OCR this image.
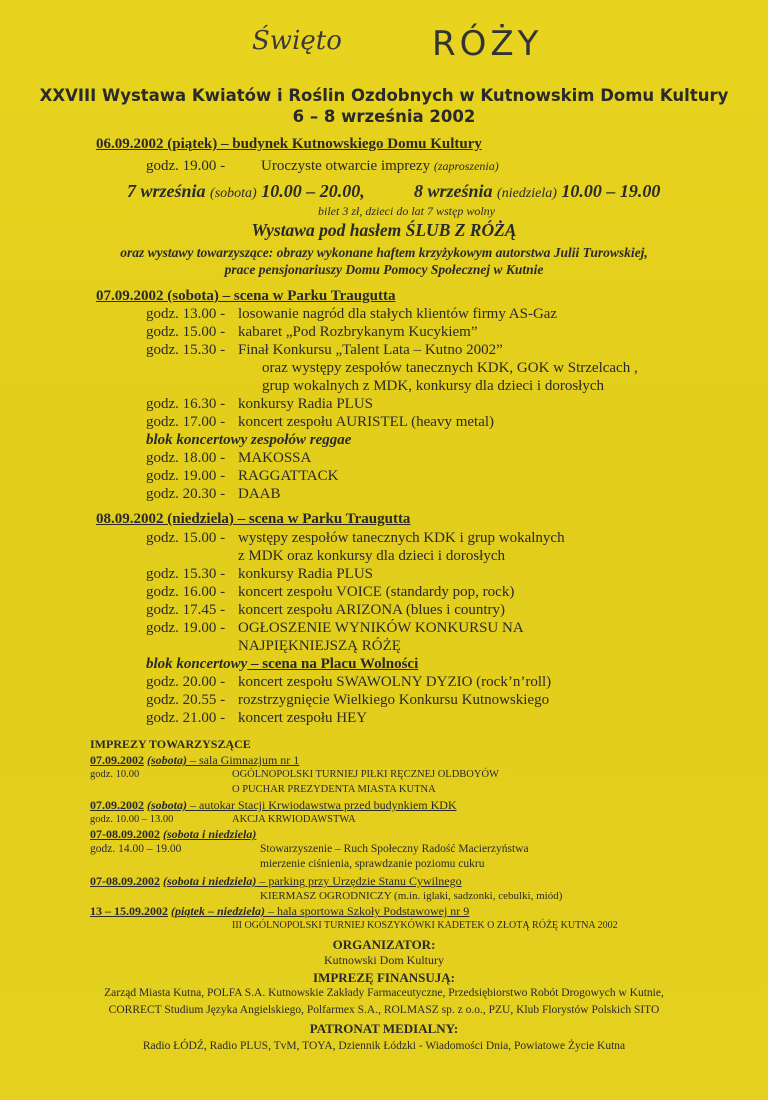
Święto	RÓŻY
XXVIII Wystawa Kwiatów i Roślin Ozdobnych w Kutnowskim Domu Kultury
6 – 8 września 2002
06.09.2002 (piątek) – budynek Kutnowskiego Domu Kultury
godz. 19.00 - Uroczyste otwarcie imprezy (zaproszenia)
7 września (sobota) 10.00 – 20.00,	8 września (niedziela) 10.00 – 19.00
bilet 3 zł, dzieci do lat 7 wstęp wolny
Wystawa pod hasłem ŚLUB Z RÓŻĄ
oraz wystawy towarzyszące: obrazy wykonane haftem krzyżykowym autorstwa Julii Turowskiej,
prace pensjonariuszy Domu Pomocy Społecznej w Kutnie
07.09.2002 (sobota) – scena w Parku Traugutta
godz. 13.00 - losowanie nagród dla stałych klientów firmy AS-Gaz
godz. 15.00 - kabaret „Pod Rozbrykanym Kucykiem”
godz. 15.30 - Finał Konkursu „Talent Lata – Kutno 2002”
oraz występy zespołów tanecznych KDK, GOK w Strzelcach ,
grup wokalnych z MDK, konkursy dla dzieci i dorosłych
godz. 16.30 - konkursy Radia PLUS
godz. 17.00 - koncert zespołu AURISTEL (heavy metal)
blok koncertowy zespołów reggae
godz. 18.00 - MAKOSSA
godz. 19.00 - RAGGATTACK
godz. 20.30 - DAAB
08.09.2002 (niedziela) – scena w Parku Traugutta
godz. 15.00 - występy zespołów tanecznych KDK i grup wokalnych
z MDK oraz konkursy dla dzieci i dorosłych
godz. 15.30 - konkursy Radia PLUS
godz. 16.00 - koncert zespołu VOICE (standardy pop, rock)
godz. 17.45 - koncert zespołu ARIZONA (blues i country)
godz. 19.00 - OGŁOSZENIE WYNIKÓW KONKURSU NA
NAJPIĘKNIEJSZĄ RÓŻĘ
blok koncertowy – scena na Placu Wolności
godz. 20.00 - koncert zespołu SWAWOLNY DYZIO (rock’n’roll)
godz. 20.55 - rozstrzygnięcie Wielkiego Konkursu Kutnowskiego
godz. 21.00 - koncert zespołu HEY
IMPREZY TOWARZYSZĄCE
07.09.2002 (sobota) – sala Gimnazjum nr 1
godz. 10.00	OGÓLNOPOLSKI TURNIEJ PIŁKI RĘCZNEJ OLDBOYÓW
O PUCHAR PREZYDENTA MIASTA KUTNA
07.09.2002 (sobota) – autokar Stacji Krwiodawstwa przed budynkiem KDK
godz. 10.00 – 13.00	AKCJA KRWIODAWSTWA
07-08.09.2002 (sobota i niedziela)
godz. 14.00 – 19.00	Stowarzyszenie – Ruch Społeczny Radość Macierzyństwa
mierzenie ciśnienia, sprawdzanie poziomu cukru
07-08.09.2002 (sobota i niedziela) – parking przy Urzędzie Stanu Cywilnego
KIERMASZ OGRODNICZY (m.in. iglaki, sadzonki, cebulki, miód)
13 – 15.09.2002 (piątek – niedziela) – hala sportowa Szkoły Podstawowej nr 9
III OGÓLNOPOLSKI TURNIEJ KOSZYKÓWKI KADETEK O ZŁOTĄ RÓŻĘ KUTNA 2002
ORGANIZATOR:
Kutnowski Dom Kultury
IMPREZĘ FINANSUJĄ:
Zarząd Miasta Kutna, POLFA S.A. Kutnowskie Zakłady Farmaceutyczne, Przedsiębiorstwo Robót Drogowych w Kutnie,
CORRECT Studium Języka Angielskiego, Polfarmex S.A., ROLMASZ sp. z o.o., PZU, Klub Florystów Polskich SITO
PATRONAT MEDIALNY:
Radio ŁÓDŹ, Radio PLUS, TvM, TOYA, Dziennik Łódzki - Wiadomości Dnia, Powiatowe Życie Kutna
